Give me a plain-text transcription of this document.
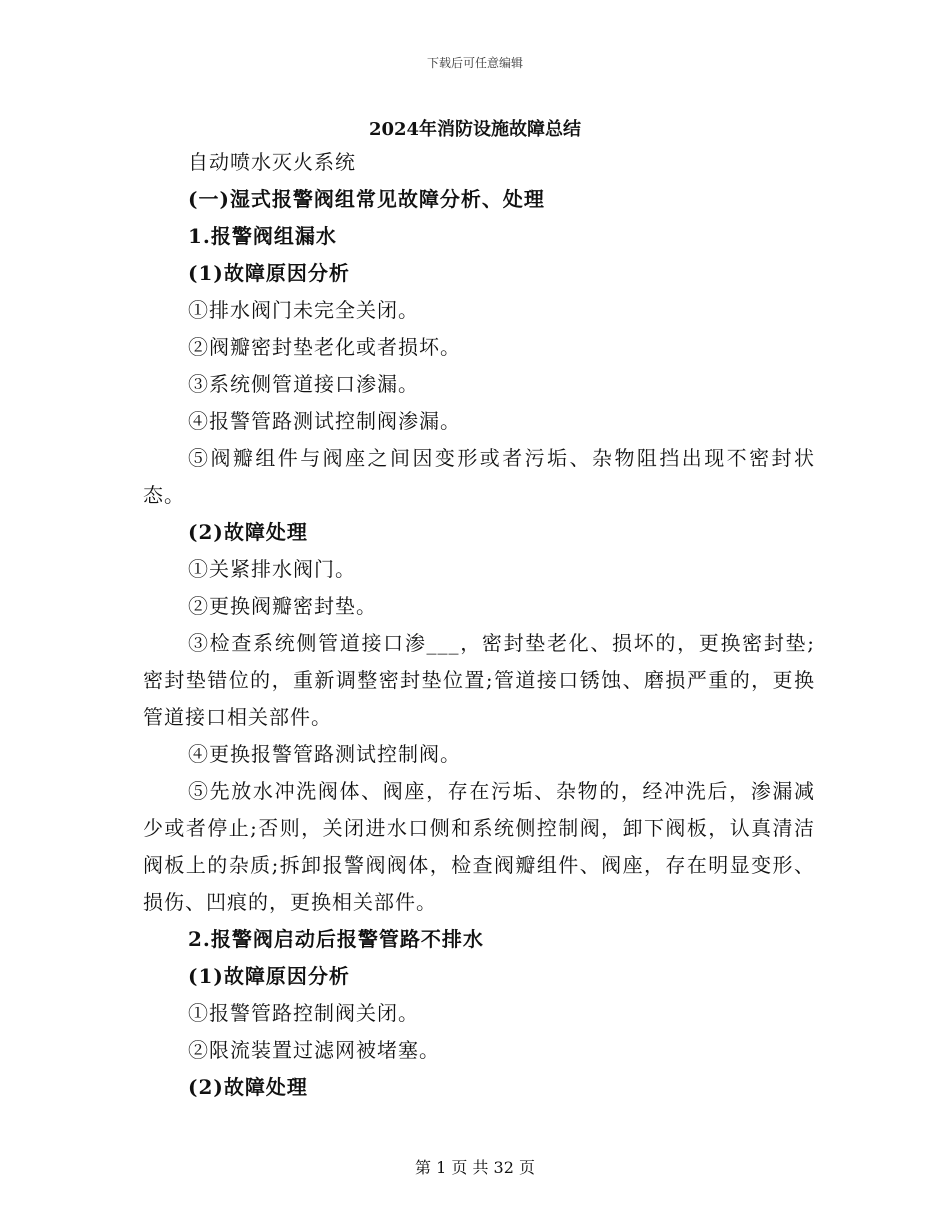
下载后可任意编辑
2024年消防设施故障总结

自动喷水灭火系统

(一)湿式报警阀组常见故障分析、处理

1.报警阀组漏水

(1)故障原因分析

①排水阀门未完全关闭。

②阀瓣密封垫老化或者损坏。

③系统侧管道接口渗漏。

④报警管路测试控制阀渗漏。

⑤阀瓣组件与阀座之间因变形或者污垢、杂物阻挡出现不密封状态。

(2)故障处理

①关紧排水阀门。

②更换阀瓣密封垫。

③检查系统侧管道接口渗___，密封垫老化、损坏的，更换密封垫;密封垫错位的，重新调整密封垫位置;管道接口锈蚀、磨损严重的，更换管道接口相关部件。

④更换报警管路测试控制阀。

⑤先放水冲洗阀体、阀座，存在污垢、杂物的，经冲洗后，渗漏减少或者停止;否则，关闭进水口侧和系统侧控制阀，卸下阀板，认真清洁阀板上的杂质;拆卸报警阀阀体，检查阀瓣组件、阀座，存在明显变形、损伤、凹痕的，更换相关部件。

2.报警阀启动后报警管路不排水

(1)故障原因分析

①报警管路控制阀关闭。

②限流装置过滤网被堵塞。

(2)故障处理

第 1 页 共 32 页
